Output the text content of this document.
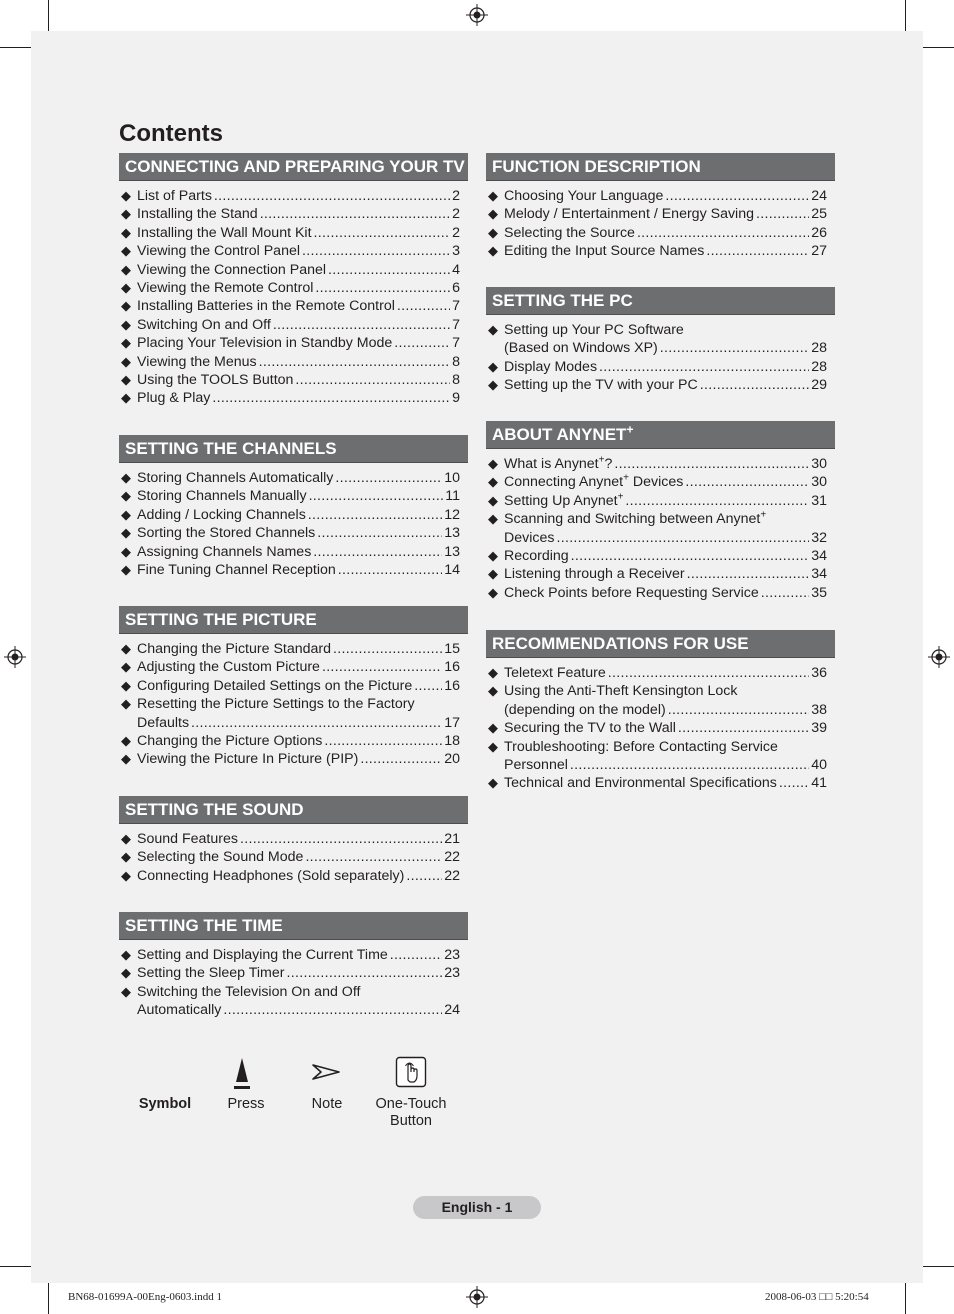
Contents
CONNECTING AND PREPARING YOUR TV
◆ List of Parts .....	2
◆ Installing the Stand .....	2
◆ Installing the Wall Mount Kit .....	2
◆ Viewing the Control Panel .....	3
◆ Viewing the Connection Panel .....	4
◆ Viewing the Remote Control .....	6
◆ Installing Batteries in the Remote Control .....	7
◆ Switching On and Off .....	7
◆ Placing Your Television in Standby Mode .....	7
◆ Viewing the Menus .....	8
◆ Using the TOOLS Button .....	8
◆ Plug & Play .....	9
SETTING THE CHANNELS
◆ Storing Channels Automatically .....	10
◆ Storing Channels Manually .....	11
◆ Adding / Locking Channels .....	12
◆ Sorting the Stored Channels .....	13
◆ Assigning Channels Names .....	13
◆ Fine Tuning Channel Reception .....	14
SETTING THE PICTURE
◆ Changing the Picture Standard .....	15
◆ Adjusting the Custom Picture .....	16
◆ Configuring Detailed Settings on the Picture ..... 16
◆ Resetting the Picture Settings to the Factory
Defaults .....	17
◆ Changing the Picture Options .....	18
◆ Viewing the Picture In Picture (PIP) .....	20
SETTING THE SOUND
◆ Sound Features .....	21
◆ Selecting the Sound Mode .....	22
◆ Connecting Headphones (Sold separately) .....	22
SETTING THE TIME
◆ Setting and Displaying the Current Time .....	23
◆ Setting the Sleep Timer .....	23
◆ Switching the Television On and Off
Automatically .....	24
FUNCTION DESCRIPTION
◆ Choosing Your Language .....	24
◆ Melody / Entertainment / Energy Saving .....	25
◆ Selecting the Source .....	26
◆ Editing the Input Source Names .....	27
SETTING THE PC
◆ Setting up Your PC Software
(Based on Windows XP) .....	28
◆ Display Modes .....	28
◆ Setting up the TV with your PC .....	29
ABOUT ANYNET+
◆ What is Anynet+? .....	30
◆ Connecting Anynet+ Devices .....	30
◆ Setting Up Anynet+ .....	31
◆ Scanning and Switching between Anynet+
Devices .....	32
◆ Recording .....	34
◆ Listening through a Receiver .....	34
◆ Check Points before Requesting Service .....	35
RECOMMENDATIONS FOR USE
◆ Teletext Feature .....	36
◆ Using the Anti-Theft Kensington Lock
(depending on the model) .....	38
◆ Securing the TV to the Wall .....	39
◆ Troubleshooting: Before Contacting Service
Personnel .....	40
◆ Technical and Environmental Specifications ..... 41
Symbol	Press	Note	One-Touch
Button
English - 1
BN68-01699A-00Eng-0603.indd 1	2008-06-03 □□ 5:20:54
